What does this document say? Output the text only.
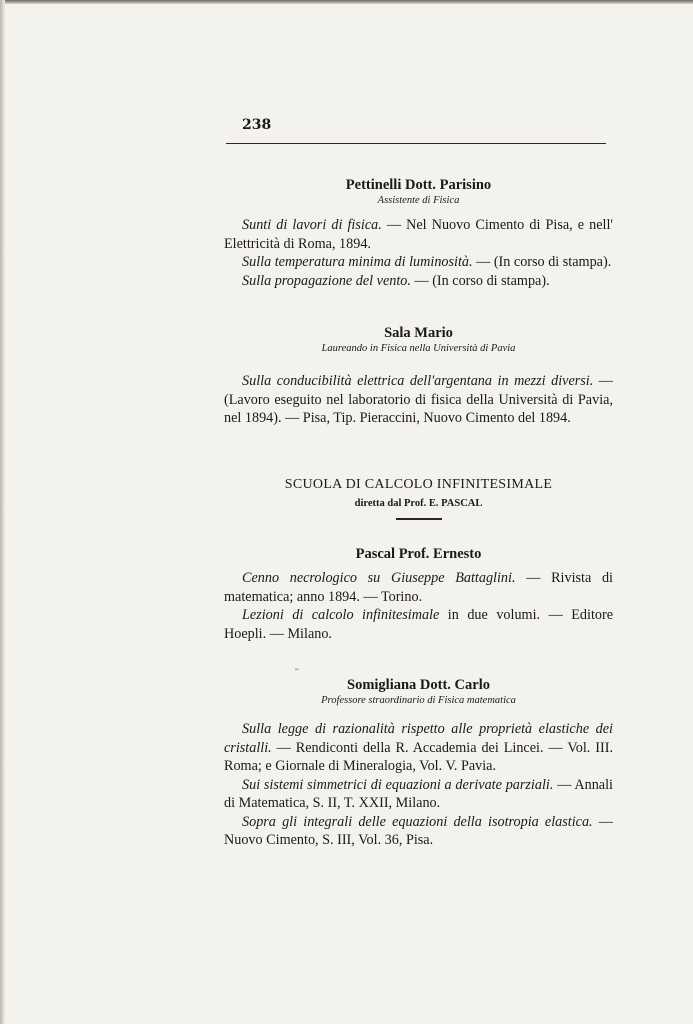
238
Pettinelli Dott. Parisino
Assistente di Fisica

Sunti di lavori di fisica. — Nel Nuovo Cimento di Pisa, e nell' Elettricità di Roma, 1894.

Sulla temperatura minima di luminosità. — (In corso di stampa).

Sulla propagazione del vento. — (In corso di stampa).

Sala Mario
Laureando in Fisica nella Università di Pavia

Sulla conducibilità elettrica dell'argentana in mezzi diversi. — (Lavoro eseguito nel laboratorio di fisica della Università di Pavia, nel 1894). — Pisa, Tip. Pieraccini, Nuovo Cimento del 1894.

SCUOLA DI CALCOLO INFINITESIMALE
diretta dal Prof. E. PASCAL
Pascal Prof. Ernesto

Cenno necrologico su Giuseppe Battaglini. — Rivista di matematica; anno 1894. — Torino.

Lezioni di calcolo infinitesimale in due volumi. — Editore Hoepli. — Milano.

˷
Somigliana Dott. Carlo
Professore straordinario di Fisica matematica

Sulla legge di razionalità rispetto alle proprietà elastiche dei cristalli. — Rendiconti della R. Accademia dei Lincei. — Vol. III. Roma; e Giornale di Mineralogia, Vol. V. Pavia.

Sui sistemi simmetrici di equazioni a derivate parziali. — Annali di Matematica, S. II, T. XXII, Milano.

Sopra gli integrali delle equazioni della isotropia elastica. — Nuovo Cimento, S. III, Vol. 36, Pisa.
